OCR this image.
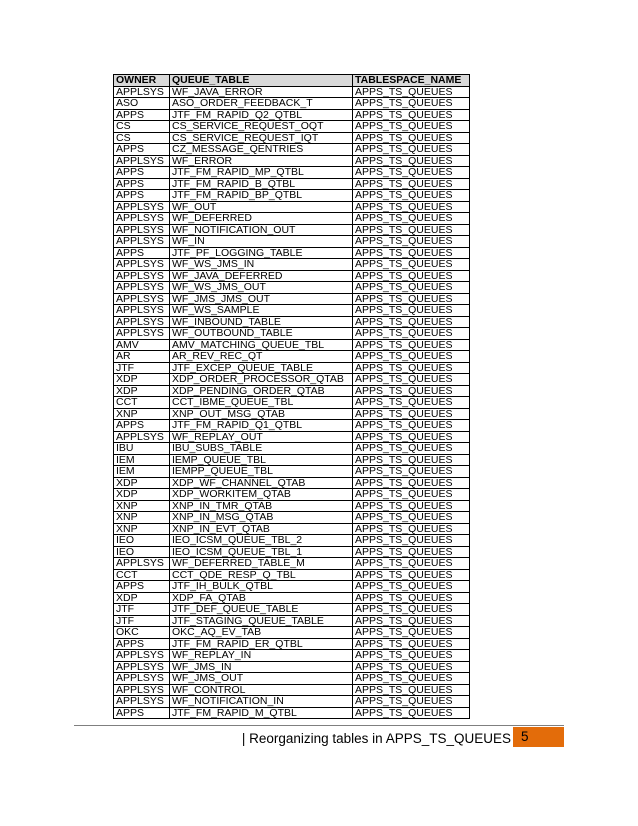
OWNER	QUEUE_TABLE	TABLESPACE_NAME
APPLSYS	WF_JAVA_ERROR	APPS_TS_QUEUES
ASO	ASO_ORDER_FEEDBACK_T	APPS_TS_QUEUES
APPS	JTF_FM_RAPID_Q2_QTBL	APPS_TS_QUEUES
CS	CS_SERVICE_REQUEST_OQT	APPS_TS_QUEUES
CS	CS_SERVICE_REQUEST_IQT	APPS_TS_QUEUES
APPS	CZ_MESSAGE_QENTRIES	APPS_TS_QUEUES
APPLSYS	WF_ERROR	APPS_TS_QUEUES
APPS	JTF_FM_RAPID_MP_QTBL	APPS_TS_QUEUES
APPS	JTF_FM_RAPID_B_QTBL	APPS_TS_QUEUES
APPS	JTF_FM_RAPID_BP_QTBL	APPS_TS_QUEUES
APPLSYS	WF_OUT	APPS_TS_QUEUES
APPLSYS	WF_DEFERRED	APPS_TS_QUEUES
APPLSYS	WF_NOTIFICATION_OUT	APPS_TS_QUEUES
APPLSYS	WF_IN	APPS_TS_QUEUES
APPS	JTF_PF_LOGGING_TABLE	APPS_TS_QUEUES
APPLSYS	WF_WS_JMS_IN	APPS_TS_QUEUES
APPLSYS	WF_JAVA_DEFERRED	APPS_TS_QUEUES
APPLSYS	WF_WS_JMS_OUT	APPS_TS_QUEUES
APPLSYS	WF_JMS_JMS_OUT	APPS_TS_QUEUES
APPLSYS	WF_WS_SAMPLE	APPS_TS_QUEUES
APPLSYS	WF_INBOUND_TABLE	APPS_TS_QUEUES
APPLSYS	WF_OUTBOUND_TABLE	APPS_TS_QUEUES
AMV	AMV_MATCHING_QUEUE_TBL	APPS_TS_QUEUES
AR	AR_REV_REC_QT	APPS_TS_QUEUES
JTF	JTF_EXCEP_QUEUE_TABLE	APPS_TS_QUEUES
XDP	XDP_ORDER_PROCESSOR_QTAB	APPS_TS_QUEUES
XDP	XDP_PENDING_ORDER_QTAB	APPS_TS_QUEUES
CCT	CCT_IBME_QUEUE_TBL	APPS_TS_QUEUES
XNP	XNP_OUT_MSG_QTAB	APPS_TS_QUEUES
APPS	JTF_FM_RAPID_Q1_QTBL	APPS_TS_QUEUES
APPLSYS	WF_REPLAY_OUT	APPS_TS_QUEUES
IBU	IBU_SUBS_TABLE	APPS_TS_QUEUES
IEM	IEMP_QUEUE_TBL	APPS_TS_QUEUES
IEM	IEMPP_QUEUE_TBL	APPS_TS_QUEUES
XDP	XDP_WF_CHANNEL_QTAB	APPS_TS_QUEUES
XDP	XDP_WORKITEM_QTAB	APPS_TS_QUEUES
XNP	XNP_IN_TMR_QTAB	APPS_TS_QUEUES
XNP	XNP_IN_MSG_QTAB	APPS_TS_QUEUES
XNP	XNP_IN_EVT_QTAB	APPS_TS_QUEUES
IEO	IEO_ICSM_QUEUE_TBL_2	APPS_TS_QUEUES
IEO	IEO_ICSM_QUEUE_TBL_1	APPS_TS_QUEUES
APPLSYS	WF_DEFERRED_TABLE_M	APPS_TS_QUEUES
CCT	CCT_QDE_RESP_Q_TBL	APPS_TS_QUEUES
APPS	JTF_IH_BULK_QTBL	APPS_TS_QUEUES
XDP	XDP_FA_QTAB	APPS_TS_QUEUES
JTF	JTF_DEF_QUEUE_TABLE	APPS_TS_QUEUES
JTF	JTF_STAGING_QUEUE_TABLE	APPS_TS_QUEUES
OKC	OKC_AQ_EV_TAB	APPS_TS_QUEUES
APPS	JTF_FM_RAPID_ER_QTBL	APPS_TS_QUEUES
APPLSYS	WF_REPLAY_IN	APPS_TS_QUEUES
APPLSYS	WF_JMS_IN	APPS_TS_QUEUES
APPLSYS	WF_JMS_OUT	APPS_TS_QUEUES
APPLSYS	WF_CONTROL	APPS_TS_QUEUES
APPLSYS	WF_NOTIFICATION_IN	APPS_TS_QUEUES
APPS	JTF_FM_RAPID_M_QTBL	APPS_TS_QUEUES
| Reorganizing tables in APPS_TS_QUEUES 5
